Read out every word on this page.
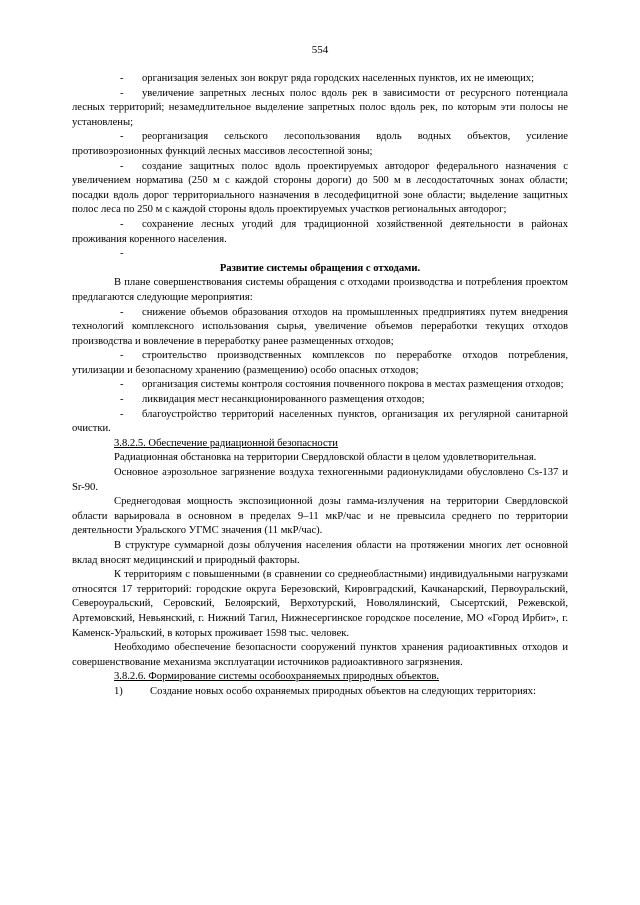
554

- организация зеленых зон вокруг ряда городских населенных пунктов, их не имеющих;

- увеличение запретных лесных полос вдоль рек в зависимости от ресурсного потенциала лесных территорий; незамедлительное выделение запретных полос вдоль рек, по которым эти полосы не установлены;

- реорганизация сельского лесопользования вдоль водных объектов, усиление противоэрозионных функций лесных массивов лесостепной зоны;

- создание защитных полос вдоль проектируемых автодорог федерального назначения с увеличением норматива (250 м с каждой стороны дороги) до 500 м в лесодостаточных зонах области; посадки вдоль дорог территориального назначения в лесодефицитной зоне области; выделение защитных полос леса по 250 м с каждой стороны вдоль проектируемых участков региональных автодорог;

- сохранение лесных угодий для традиционной хозяйственной деятельности в районах проживания коренного населения.

-

Развитие системы обращения с отходами.

В плане совершенствования системы обращения с отходами производства и потребления проектом предлагаются следующие мероприятия:

- снижение объемов образования отходов на промышленных предприятиях путем внедрения технологий комплексного использования сырья, увеличение объемов переработки текущих отходов производства и вовлечение в переработку ранее размещенных отходов;

- строительство производственных комплексов по переработке отходов потребления, утилизации и безопасному хранению (размещению) особо опасных отходов;

- организация системы контроля состояния почвенного покрова в местах размещения отходов;

- ликвидация мест несанкционированного размещения отходов;

- благоустройство территорий населенных пунктов, организация их регулярной санитарной очистки.

3.8.2.5. Обеспечение радиационной безопасности

Радиационная обстановка на территории Свердловской области в целом удовлетворительная.

Основное аэрозольное загрязнение воздуха техногенными радионуклидами обусловлено Cs-137 и Sr-90.

Среднегодовая мощность экспозиционной дозы гамма-излучения на территории Свердловской области варьировала в основном в пределах 9–11 мкР/час и не превысила среднего по территории деятельности Уральского УГМС значения (11 мкР/час).

В структуре суммарной дозы облучения населения области на протяжении многих лет основной вклад вносят медицинский и природный факторы.

К территориям с повышенными (в сравнении со среднеобластными) индивидуальными нагрузками относятся 17 территорий: городские округа Березовский, Кировградский, Качканарский, Первоуральский, Североуральский, Серовский, Белоярский, Верхотурский, Новолялинский, Сысертский, Режевской, Артемовский, Невьянский, г. Нижний Тагил, Нижнесергинское городское поселение, МО «Город Ирбит», г. Каменск-Уральский, в которых проживает 1598 тыс. человек.

Необходимо обеспечение безопасности сооружений пунктов хранения радиоактивных отходов и совершенствование механизма эксплуатации источников радиоактивного загрязнения.

3.8.2.6. Формирование системы особоохраняемых природных объектов.

1)	Создание новых особо охраняемых природных объектов на следующих территориях:
